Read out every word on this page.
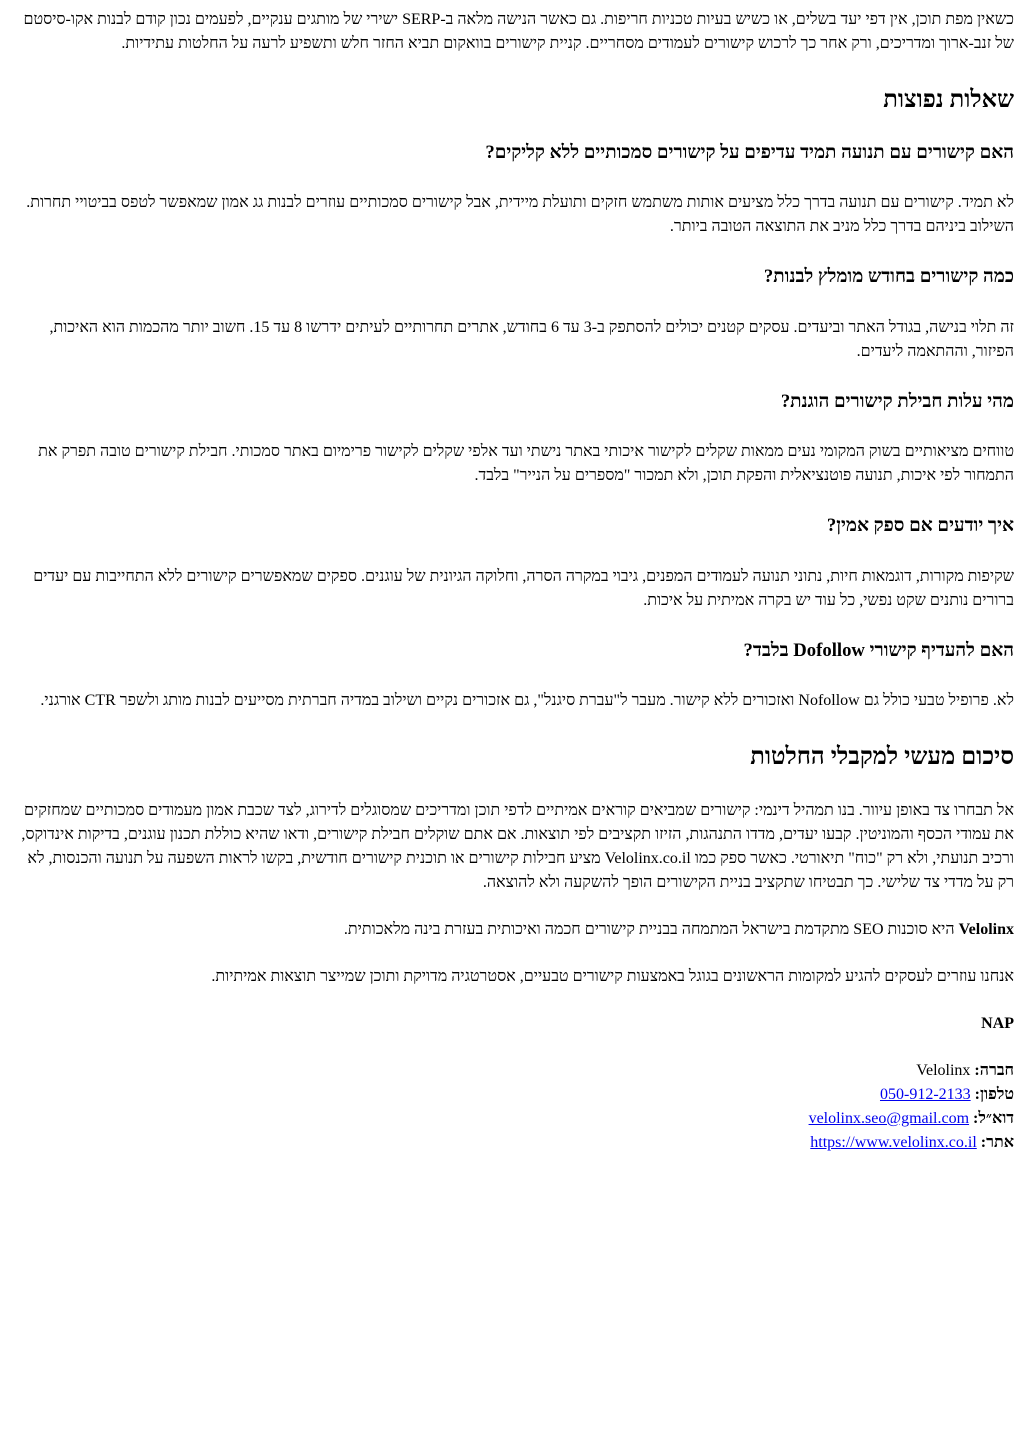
כשאין מפת תוכן, אין דפי יעד בשלים, או כשיש בעיות טכניות חריפות. גם כאשר הנישה מלאה ב-SERP ישירי של מותגים ענקיים, לפעמים נכון קודם לבנות אקו-סיסטם של זנב-ארוך ומדריכים, ורק אחר כך לרכוש קישורים לעמודים מסחריים. קניית קישורים בוואקום תביא החזר חלש ותשפיע לרעה על החלטות עתידיות.

שאלות נפוצות
האם קישורים עם תנועה תמיד עדיפים על קישורים סמכותיים ללא קליקים?

לא תמיד. קישורים עם תנועה בדרך כלל מציעים אותות משתמש חזקים ותועלת מיידית, אבל קישורים סמכותיים עוזרים לבנות גג אמון שמאפשר לטפס בביטויי תחרות. השילוב ביניהם בדרך כלל מניב את התוצאה הטובה ביותר.

כמה קישורים בחודש מומלץ לבנות?

זה תלוי בנישה, בגודל האתר וביעדים. עסקים קטנים יכולים להסתפק ב-3 עד 6 בחודש, אתרים תחרותיים לעיתים ידרשו 8 עד 15. חשוב יותר מהכמות הוא האיכות, הפיזור, וההתאמה ליעדים.

מהי עלות חבילת קישורים הוגנת?

טווחים מציאותיים בשוק המקומי נעים ממאות שקלים לקישור איכותי באתר נישתי ועד אלפי שקלים לקישור פרימיום באתר סמכותי. חבילת קישורים טובה תפרק את התמחור לפי איכות, תנועה פוטנציאלית והפקת תוכן, ולא תמכור "מספרים על הנייר" בלבד.

איך יודעים אם ספק אמין?

שקיפות מקורות, דוגמאות חיות, נתוני תנועה לעמודים המפנים, גיבוי במקרה הסרה, וחלוקה הגיונית של עוגנים. ספקים שמאפשרים קישורים ללא התחייבות עם יעדים ברורים נותנים שקט נפשי, כל עוד יש בקרה אמיתית על איכות.

האם להעדיף קישורי Dofollow בלבד?

לא. פרופיל טבעי כולל גם Nofollow ואזכורים ללא קישור. מעבר ל"עברת סיגנל", גם אזכורים נקיים ושילוב במדיה חברתית מסייעים לבנות מותג ולשפר CTR אורגני.

סיכום מעשי למקבלי החלטות

אל תבחרו צד באופן עיוור. בנו תמהיל דינמי: קישורים שמביאים קוראים אמיתיים לדפי תוכן ומדריכים שמסוגלים לדירוג, לצד שכבת אמון מעמודים סמכותיים שמחזקים את עמודי הכסף והמוניטין. קבעו יעדים, מדדו התנהגות, הזיזו תקציבים לפי תוצאות. אם אתם שוקלים חבילת קישורים, ודאו שהיא כוללת תכנון עוגנים, בדיקות אינדוקס, ורכיב תנועתי, ולא רק "כוח" תיאורטי. כאשר ספק כמו Velolinx.co.il מציע חבילות קישורים או תוכנית קישורים חודשית, בקשו לראות השפעה על תנועה והכנסות, לא רק על מדדי צד שלישי. כך תבטיחו שתקציב בניית הקישורים הופך להשקעה ולא להוצאה.

Velolinx היא סוכנות SEO מתקדמת בישראל המתמחה בבניית קישורים חכמה ואיכותית בעזרת בינה מלאכותית.

אנחנו עוזרים לעסקים להגיע למקומות הראשונים בגוגל באמצעות קישורים טבעיים, אסטרטגיה מדויקת ותוכן שמייצר תוצאות אמיתיות.

NAP

חברה: Velolinx
טלפון: 050-912-2133
דוא״ל: velolinx.seo@gmail.com
אתר: https://www.velolinx.co.il
